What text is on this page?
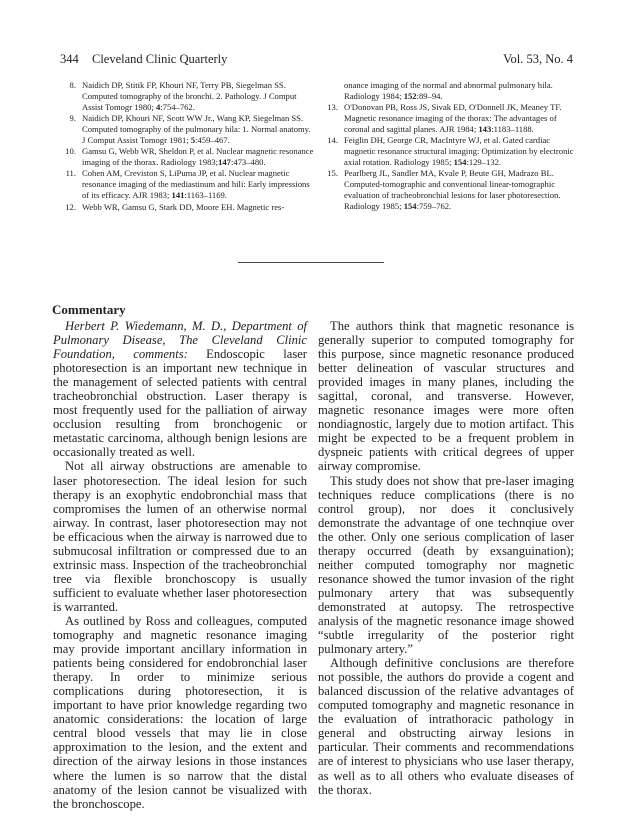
344 Cleveland Clinic Quarterly	Vol. 53, No. 4
8 . Naidich DP, Stitik FP, Khouri NF, Terry PB, Siegelman SS. Computed tomography of the bronchi. 2. Pathology. J Comput Assist Tomogr 1980; 4:754–762.
9 . Naidich DP, Khouri NF, Scott WW Jr., Wang KP, Siegelman SS. Computed tomography of the pulmonary hila: 1. Normal anatomy. J Comput Assist Tomogr 1981; 5:459–467.
10 . Gamsu G, Webb WR, Sheldon P, et al. Nuclear magnetic resonance imaging of the thorax. Radiology 1983;147:473–480.
11 . Cohen AM, Creviston S, LiPuma JP, et al. Nuclear magnetic resonance imaging of the mediastinum and hili: Early impressions of its efficacy. AJR 1983; 141:1163–1169.
12 . Webb WR, Gamsu G, Stark DD, Moore EH. Magnetic res-
onance imaging of the normal and abnormal pulmonary hila. Radiology 1984; 152:89–94.
13 . O'Donovan PB, Ross JS, Sivak ED, O'Donnell JK, Meaney TF. Magnetic resonance imaging of the thorax: The advantages of coronal and sagittal planes. AJR 1984; 143:1183–1188.
14 . Feiglin DH, George CR, MacIntyre WJ, et al. Gated cardiac magnetic resonance structural imaging: Optimization by electronic axial rotation. Radiology 1985; 154:129–132.
15 . Pearlberg JL, Sandler MA, Kvale P, Beute GH, Madrazo BL. Computed-tomographic and conventional linear-tomographic evaluation of tracheobronchial lesions for laser photoresection. Radiology 1985; 154:759–762.
Commentary

Herbert P. Wiedemann, M. D., Department of Pulmonary Disease, The Cleveland Clinic Foundation, comments: Endoscopic laser photoresection is an important new technique in the management of selected patients with central tracheobronchial obstruction. Laser therapy is most frequently used for the palliation of airway occlusion resulting from bronchogenic or metastatic carcinoma, although benign lesions are occasionally treated as well.

Not all airway obstructions are amenable to laser photoresection. The ideal lesion for such therapy is an exophytic endobronchial mass that compromises the lumen of an otherwise normal airway. In contrast, laser photoresection may not be efficacious when the airway is narrowed due to submucosal infiltration or compressed due to an extrinsic mass. Inspection of the tracheobronchial tree via flexible bronchoscopy is usually sufficient to evaluate whether laser photoresection is warranted.

As outlined by Ross and colleagues, computed tomography and magnetic resonance imaging may provide important ancillary information in patients being considered for endobronchial laser therapy. In order to minimize serious complications during photoresection, it is important to have prior knowledge regarding two anatomic considerations: the location of large central blood vessels that may lie in close approximation to the lesion, and the extent and direction of the airway lesions in those instances where the lumen is so narrow that the distal anatomy of the lesion cannot be visualized with the bronchoscope.

The authors think that magnetic resonance is generally superior to computed tomography for this purpose, since magnetic resonance produced better delineation of vascular structures and provided images in many planes, including the sagittal, coronal, and transverse. However, magnetic resonance images were more often nondiagnostic, largely due to motion artifact. This might be expected to be a frequent problem in dyspneic patients with critical degrees of upper airway compromise.

This study does not show that pre-laser imaging techniques reduce complications (there is no control group), nor does it conclusively demonstrate the advantage of one technqiue over the other. Only one serious complication of laser therapy occurred (death by exsanguination); neither computed tomography nor magnetic resonance showed the tumor invasion of the right pulmonary artery that was subsequently demonstrated at autopsy. The retrospective analysis of the magnetic resonance image showed “subtle irregularity of the posterior right pulmonary artery.”

Although definitive conclusions are therefore not possible, the authors do provide a cogent and balanced discussion of the relative advantages of computed tomography and magnetic resonance in the evaluation of intrathoracic pathology in general and obstructing airway lesions in particular. Their comments and recommendations are of interest to physicians who use laser therapy, as well as to all others who evaluate diseases of the thorax.
